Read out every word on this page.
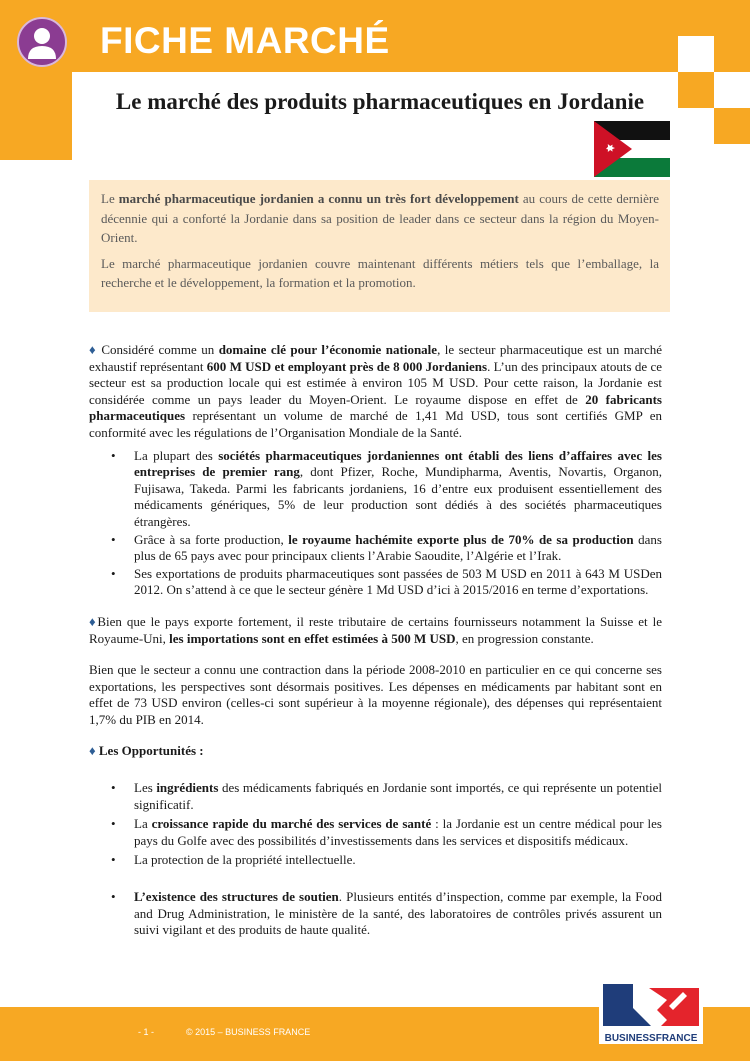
FICHE MARCHÉ
Le marché des produits pharmaceutiques en Jordanie

Le marché pharmaceutique jordanien a connu un très fort développement au cours de cette dernière décennie qui a conforté la Jordanie dans sa position de leader dans ce secteur dans la région du Moyen-Orient.

Le marché pharmaceutique jordanien couvre maintenant différents métiers tels que l’emballage, la recherche et le développement, la formation et la promotion.

♦ Considéré comme un domaine clé pour l’économie nationale, le secteur pharmaceutique est un marché exhaustif représentant 600 M USD et employant près de 8 000 Jordaniens. L’un des principaux atouts de ce secteur est sa production locale qui est estimée à environ 105 M USD. Pour cette raison, la Jordanie est considérée comme un pays leader du Moyen-Orient. Le royaume dispose en effet de 20 fabricants pharmaceutiques représentant un volume de marché de 1,41 Md USD, tous sont certifiés GMP en conformité avec les régulations de l’Organisation Mondiale de la Santé.

• La plupart des sociétés pharmaceutiques jordaniennes ont établi des liens d’affaires avec les entreprises de premier rang, dont Pfizer, Roche, Mundipharma, Aventis, Novartis, Organon, Fujisawa, Takeda. Parmi les fabricants jordaniens, 16 d’entre eux produisent essentiellement des médicaments génériques, 5% de leur production sont dédiés à des sociétés pharmaceutiques étrangères.
• Grâce à sa forte production, le royaume hachémite exporte plus de 70% de sa production dans plus de 65 pays avec pour principaux clients l’Arabie Saoudite, l’Algérie et l’Irak.
• Ses exportations de produits pharmaceutiques sont passées de 503 M USD en 2011 à 643 M USDen 2012. On s’attend à ce que le secteur génère 1 Md USD d’ici à 2015/2016 en terme d’exportations.

♦Bien que le pays exporte fortement, il reste tributaire de certains fournisseurs notamment la Suisse et le Royaume-Uni, les importations sont en effet estimées à 500 M USD, en progression constante.

Bien que le secteur a connu une contraction dans la période 2008-2010 en particulier en ce qui concerne ses exportations, les perspectives sont désormais positives. Les dépenses en médicaments par habitant sont en effet de 73 USD environ (celles-ci sont supérieur à la moyenne régionale), des dépenses qui représentaient 1,7% du PIB en 2014.

♦ Les Opportunités :

• Les ingrédients des médicaments fabriqués en Jordanie sont importés, ce qui représente un potentiel significatif.
• La croissance rapide du marché des services de santé : la Jordanie est un centre médical pour les pays du Golfe avec des possibilités d’investissements dans les services et dispositifs médicaux.
• La protection de la propriété intellectuelle.
• L’existence des structures de soutien. Plusieurs entités d’inspection, comme par exemple, la Food and Drug Administration, le ministère de la santé, des laboratoires de contrôles privés assurent un suivi vigilant et des produits de haute qualité.
- 1 -	© 2015 – BUSINESS FRANCE
BUSINESSFRANCE
